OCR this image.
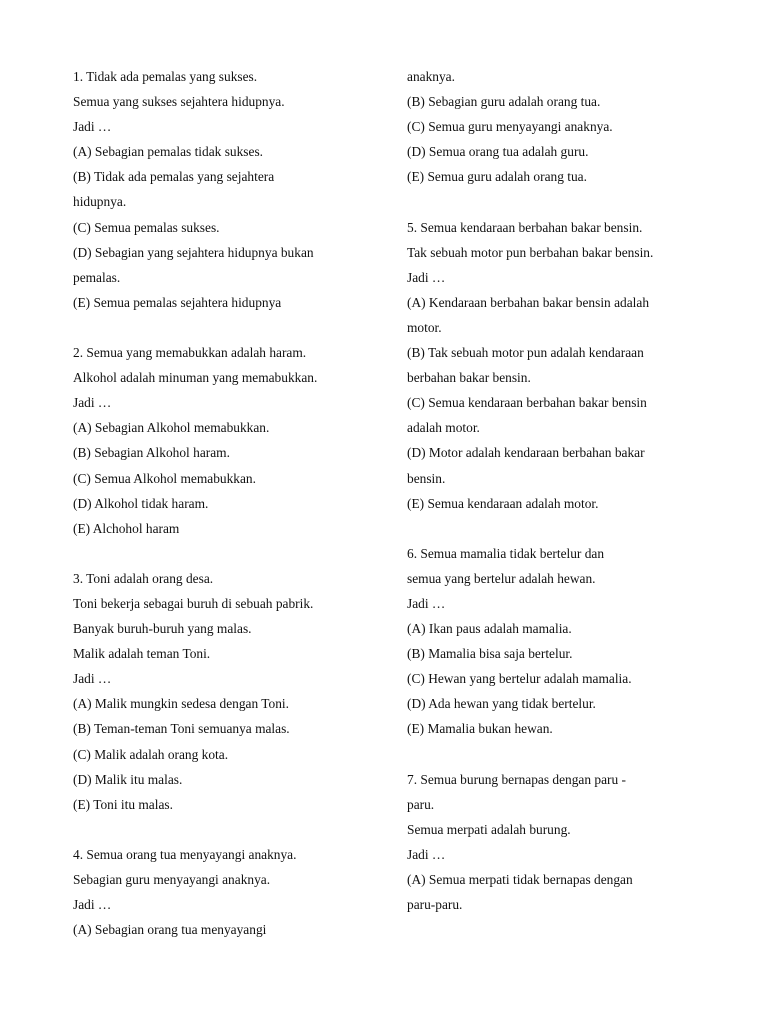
1. Tidak ada pemalas yang sukses.
Semua yang sukses sejahtera hidupnya.
Jadi …
(A) Sebagian pemalas tidak sukses.
(B) Tidak ada pemalas yang sejahtera
hidupnya.
(C) Semua pemalas sukses.
(D) Sebagian yang sejahtera hidupnya bukan
pemalas.
(E) Semua pemalas sejahtera hidupnya
2. Semua yang memabukkan adalah haram.
Alkohol adalah minuman yang memabukkan.
Jadi …
(A) Sebagian Alkohol memabukkan.
(B) Sebagian Alkohol haram.
(C) Semua Alkohol memabukkan.
(D) Alkohol tidak haram.
(E) Alchohol haram
3. Toni adalah orang desa.
Toni bekerja sebagai buruh di sebuah pabrik.
Banyak buruh-buruh yang malas.
Malik adalah teman Toni.
Jadi …
(A) Malik mungkin sedesa dengan Toni.
(B) Teman-teman Toni semuanya malas.
(C) Malik adalah orang kota.
(D) Malik itu malas.
(E) Toni itu malas.
4. Semua orang tua menyayangi anaknya.
Sebagian guru menyayangi anaknya.
Jadi …
(A) Sebagian orang tua menyayangi
anaknya.
(B) Sebagian guru adalah orang tua.
(C) Semua guru menyayangi anaknya.
(D) Semua orang tua adalah guru.
(E) Semua guru adalah orang tua.
5. Semua kendaraan berbahan bakar bensin.
Tak sebuah motor pun berbahan bakar bensin.
Jadi …
(A) Kendaraan berbahan bakar bensin adalah
motor.
(B) Tak sebuah motor pun adalah kendaraan
berbahan bakar bensin.
(C) Semua kendaraan berbahan bakar bensin
adalah motor.
(D) Motor adalah kendaraan berbahan bakar
bensin.
(E) Semua kendaraan adalah motor.
6. Semua mamalia tidak bertelur dan
semua yang bertelur adalah hewan.
Jadi …
(A) Ikan paus adalah mamalia.
(B) Mamalia bisa saja bertelur.
(C) Hewan yang bertelur adalah mamalia.
(D) Ada hewan yang tidak bertelur.
(E) Mamalia bukan hewan.
7. Semua burung bernapas dengan paru -
paru.
Semua merpati adalah burung.
Jadi …
(A) Semua merpati tidak bernapas dengan
paru-paru.
